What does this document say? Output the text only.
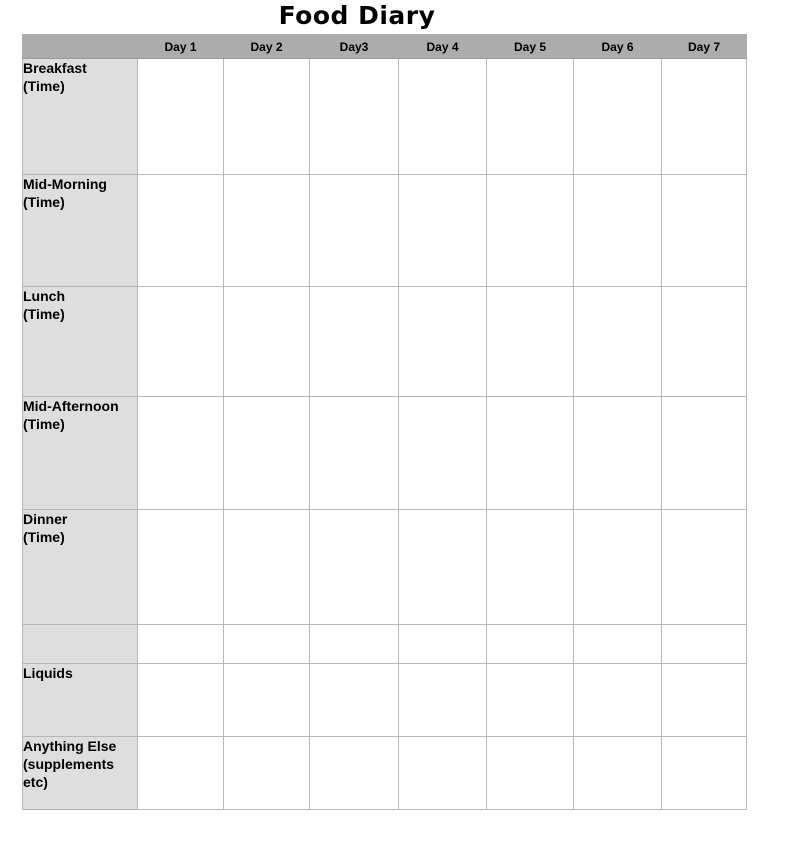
Food Diary
	Day 1	Day 2	Day3	Day 4	Day 5	Day 6	Day 7

Breakfast
(Time)							

Mid-Morning
(Time)							

Lunch
(Time)							

Mid-Afternoon
(Time)							

Dinner
(Time)							

Liquids							

Anything Else
(supplements
etc)							
